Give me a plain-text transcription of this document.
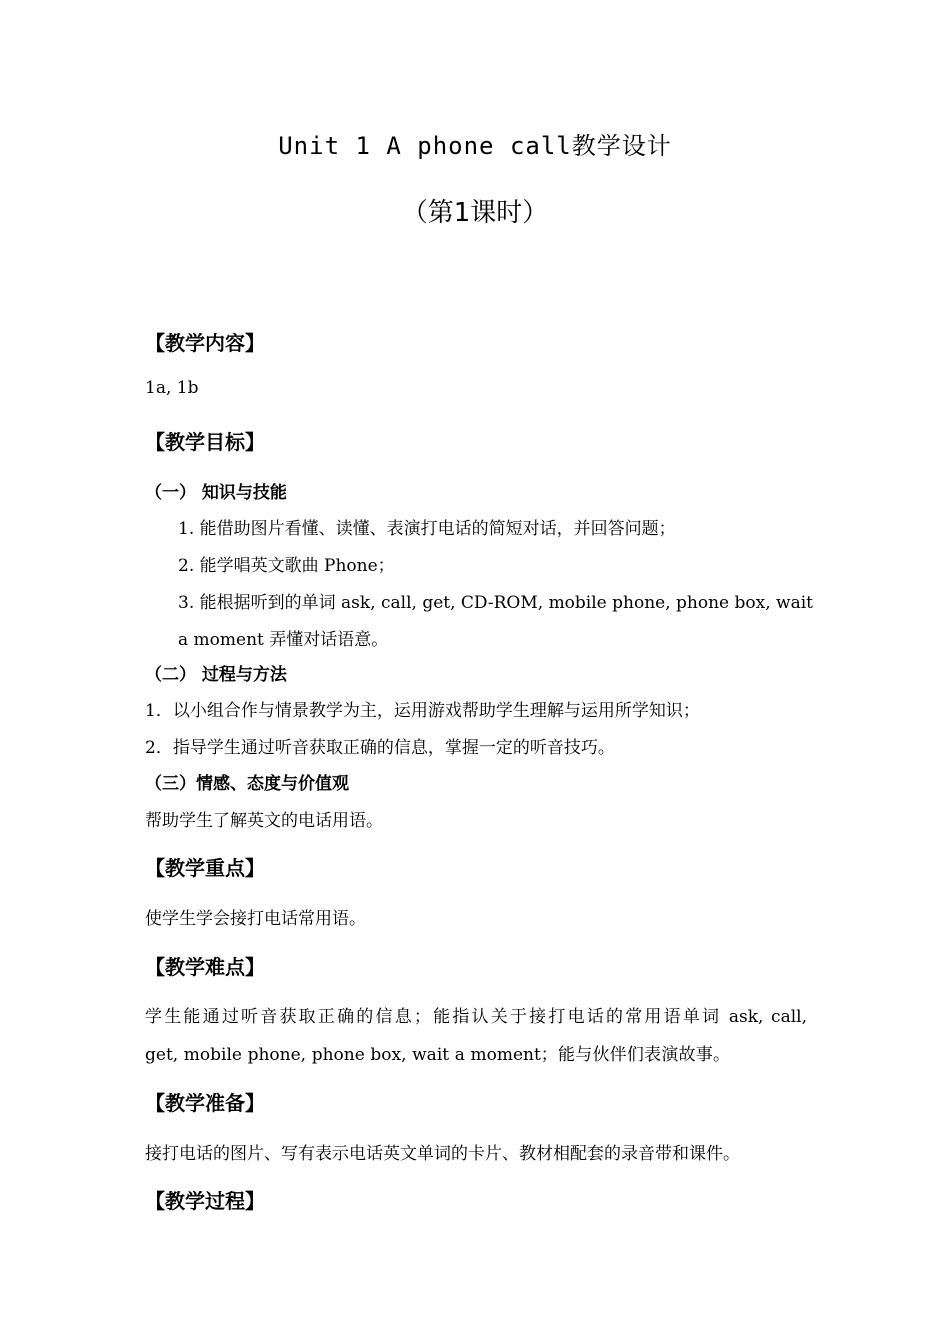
Unit 1 A phone call教学设计
（第1课时）
【教学内容】
1a, 1b
【教学目标】
（一） 知识与技能
1. 能借助图片看懂、读懂、表演打电话的简短对话，并回答问题；
2. 能学唱英文歌曲 Phone；
3. 能根据听到的单词 ask, call, get, CD-ROM, mobile phone, phone box, wait
a moment 弄懂对话语意。
（二） 过程与方法
1．以小组合作与情景教学为主，运用游戏帮助学生理解与运用所学知识；
2．指导学生通过听音获取正确的信息，掌握一定的听音技巧。
（三）情感、态度与价值观
帮助学生了解英文的电话用语。
【教学重点】
使学生学会接打电话常用语。
【教学难点】
学生能通过听音获取正确的信息；能指认关于接打电话的常用语单词 ask, call,
get, mobile phone, phone box, wait a moment；能与伙伴们表演故事。
【教学准备】
接打电话的图片、写有表示电话英文单词的卡片、教材相配套的录音带和课件。
【教学过程】
